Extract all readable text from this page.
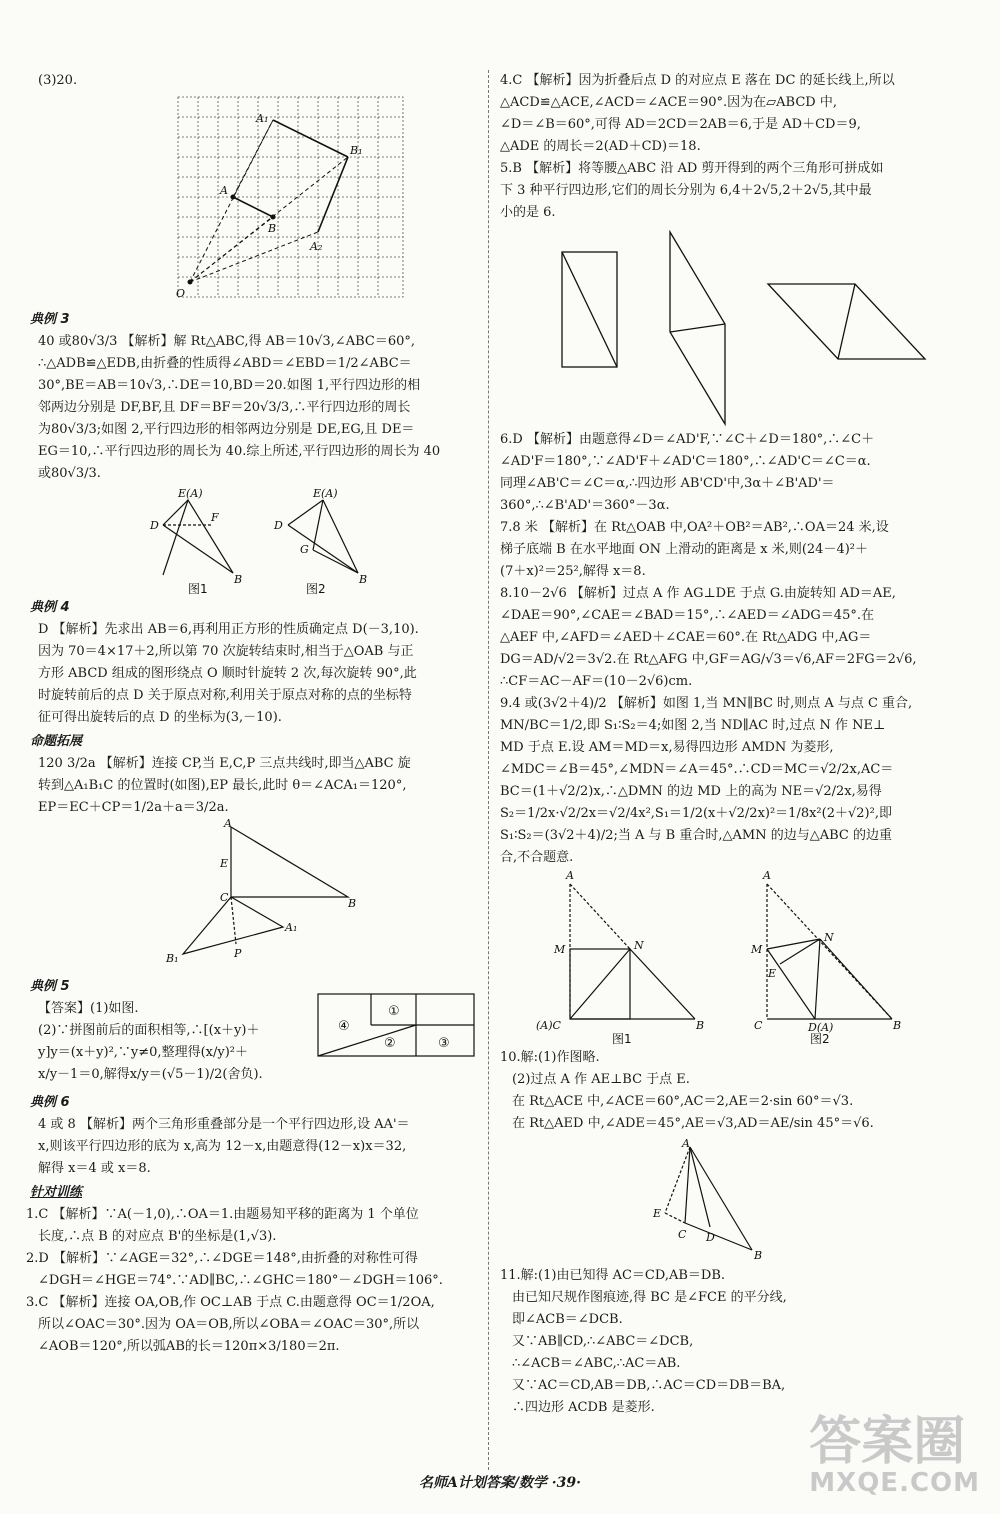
(3)20.

A₁
B₁
A
B
A₂
O

典例 3

40 或80√3/3 【解析】解 Rt△ABC,得 AB＝10√3,∠ABC＝60°,

∴△ADB≌△EDB,由折叠的性质得∠ABD＝∠EBD＝1/2∠ABC＝

30°,BE＝AB＝10√3,∴DE＝10,BD＝20.如图 1,平行四边形的相

邻两边分别是 DF,BF,且 DF＝BF＝20√3/3,∴平行四边形的周长

为80√3/3;如图 2,平行四边形的相邻两边分别是 DE,EG,且 DE＝

EG＝10,∴平行四边形的周长为 40.综上所述,平行四边形的周长为 40

或80√3/3.

E(A)
D
F
B
E(A)
D
G
B
图1	图2

典例 4

D 【解析】先求出 AB＝6,再利用正方形的性质确定点 D(－3,10).

因为 70＝4×17＋2,所以第 70 次旋转结束时,相当于△OAB 与正

方形 ABCD 组成的图形绕点 O 顺时针旋转 2 次,每次旋转 90°,此

时旋转前后的点 D 关于原点对称,利用关于原点对称的点的坐标特

征可得出旋转后的点 D 的坐标为(3,－10).

命题拓展

120 3/2a 【解析】连接 CP,当 E,C,P 三点共线时,即当△ABC 旋

转到△A₁B₁C 的位置时(如图),EP 最长,此时 θ＝∠ACA₁＝120°,

EP＝EC＋CP＝1/2a＋a＝3/2a.

A
E
C	B
A₁
B₁	P

典例 5

【答案】(1)如图.

(2)∵拼图前后的面积相等,∴[(x＋y)＋

y]y＝(x＋y)²,∵y≠0,整理得(x/y)²＋

①
④
②	③

x/y－1＝0,解得x/y＝(√5－1)/2(舍负).

典例 6

4 或 8 【解析】两个三角形重叠部分是一个平行四边形,设 AA'＝

x,则该平行四边形的底为 x,高为 12－x,由题意得(12－x)x＝32,

解得 x＝4 或 x＝8.

针对训练

1.C 【解析】∵A(－1,0),∴OA＝1.由题易知平移的距离为 1 个单位

长度,∴点 B 的对应点 B'的坐标是(1,√3).

2.D 【解析】∵∠AGE＝32°,∴∠DGE＝148°,由折叠的对称性可得

∠DGH＝∠HGE＝74°.∵AD∥BC,∴∠GHC＝180°－∠DGH＝106°.

3.C 【解析】连接 OA,OB,作 OC⊥AB 于点 C.由题意得 OC＝1/2OA,

所以∠OAC＝30°.因为 OA＝OB,所以∠OBA＝∠OAC＝30°,所以

∠AOB＝120°,所以弧AB的长＝120π×3/180＝2π.

4.C 【解析】因为折叠后点 D 的对应点 E 落在 DC 的延长线上,所以

△ACD≌△ACE,∠ACD＝∠ACE＝90°.因为在▱ABCD 中,

∠D＝∠B＝60°,可得 AD＝2CD＝2AB＝6,于是 AD＋CD＝9,

△ADE 的周长＝2(AD＋CD)＝18.

5.B 【解析】将等腰△ABC 沿 AD 剪开得到的两个三角形可拼成如

下 3 种平行四边形,它们的周长分别为 6,4＋2√5,2＋2√5,其中最

小的是 6.

6.D 【解析】由题意得∠D＝∠AD'F,∵∠C＋∠D＝180°,∴∠C＋

∠AD'F＝180°,∵∠AD'F＋∠AD'C＝180°,∴∠AD'C＝∠C＝α.

同理∠AB'C＝∠C＝α,∴四边形 AB'CD'中,3α＋∠B'AD'＝

360°,∴∠B'AD'＝360°－3α.

7.8 米 【解析】在 Rt△OAB 中,OA²＋OB²＝AB²,∴OA＝24 米,设

梯子底端 B 在水平地面 ON 上滑动的距离是 x 米,则(24－4)²＋

(7＋x)²＝25²,解得 x＝8.

8.10－2√6 【解析】过点 A 作 AG⊥DE 于点 G.由旋转知 AD＝AE,

∠DAE＝90°,∠CAE＝∠BAD＝15°,∴∠AED＝∠ADG＝45°.在

△AEF 中,∠AFD＝∠AED＋∠CAE＝60°.在 Rt△ADG 中,AG＝

DG＝AD/√2＝3√2.在 Rt△AFG 中,GF＝AG/√3＝√6,AF＝2FG＝2√6,

∴CF＝AC－AF＝(10－2√6)cm.

9.4 或(3√2＋4)/2 【解析】如图 1,当 MN∥BC 时,则点 A 与点 C 重合,

MN/BC＝1/2,即 S₁∶S₂＝4;如图 2,当 ND∥AC 时,过点 N 作 NE⊥

MD 于点 E.设 AM＝MD＝x,易得四边形 AMDN 为菱形,

∠MDC＝∠B＝45°,∠MDN＝∠A＝45°.∴CD＝MC＝√2/2x,AC＝

BC＝(1＋√2/2)x,∴△DMN 的边 MD 上的高为 NE＝√2/2x,易得

S₂＝1/2x·√2/2x＝√2/4x²,S₁＝1/2(x＋√2/2x)²＝1/8x²(2＋√2)²,即

S₁∶S₂＝(3√2＋4)/2;当 A 与 B 重合时,△AMN 的边与△ABC 的边重

合,不合题意.

A
M	N
(A)C	B
A
M
N
E
C	D(A)	B
图1	图2

10.解:(1)作图略.

(2)过点 A 作 AE⊥BC 于点 E.

在 Rt△ACE 中,∠ACE＝60°,AC＝2,AE＝2·sin 60°＝√3.

在 Rt△AED 中,∠ADE＝45°,AE＝√3,AD＝AE/sin 45°＝√6.

A
E
C D
B

11.解:(1)由已知得 AC＝CD,AB＝DB.

由已知尺规作图痕迹,得 BC 是∠FCE 的平分线,

即∠ACB＝∠DCB.

又∵AB∥CD,∴∠ABC＝∠DCB,

∴∠ACB＝∠ABC,∴AC＝AB.

又∵AC＝CD,AB＝DB,∴AC＝CD＝DB＝BA,

∴四边形 ACDB 是菱形.

名师A计划答案/数学 ·39·
答案圈
MXQE.COM
